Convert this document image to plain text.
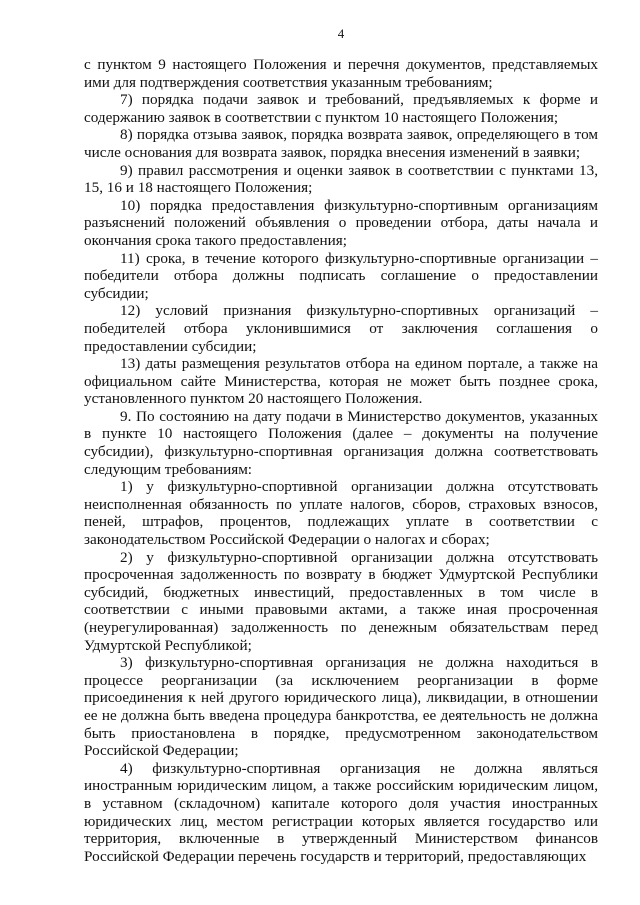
4

с пунктом 9 настоящего Положения и перечня документов, представляемых ими для подтверждения соответствия указанным требованиям;

7) порядка подачи заявок и требований, предъявляемых к форме и содержанию заявок в соответствии с пунктом 10 настоящего Положения;

8) порядка отзыва заявок, порядка возврата заявок, определяющего в том числе основания для возврата заявок, порядка внесения изменений в заявки;

9) правил рассмотрения и оценки заявок в соответствии с пунктами 13, 15, 16 и 18 настоящего Положения;

10) порядка предоставления физкультурно-спортивным организациям разъяснений положений объявления о проведении отбора, даты начала и окончания срока такого предоставления;

11) срока, в течение которого физкультурно-спортивные организации – победители отбора должны подписать соглашение о предоставлении субсидии;

12) условий признания физкультурно-спортивных организаций – победителей отбора уклонившимися от заключения соглашения о предоставлении субсидии;

13) даты размещения результатов отбора на едином портале, а также на официальном сайте Министерства, которая не может быть позднее срока, установленного пунктом 20 настоящего Положения.

9. По состоянию на дату подачи в Министерство документов, указанных в пункте 10 настоящего Положения (далее – документы на получение субсидии), физкультурно-спортивная организация должна соответствовать следующим требованиям:

1) у физкультурно-спортивной организации должна отсутствовать неисполненная обязанность по уплате налогов, сборов, страховых взносов, пеней, штрафов, процентов, подлежащих уплате в соответствии с законодательством Российской Федерации о налогах и сборах;

2) у физкультурно-спортивной организации должна отсутствовать просроченная задолженность по возврату в бюджет Удмуртской Республики субсидий, бюджетных инвестиций, предоставленных в том числе в соответствии с иными правовыми актами, а также иная просроченная (неурегулированная) задолженность по денежным обязательствам перед Удмуртской Республикой;

3) физкультурно-спортивная организация не должна находиться в процессе реорганизации (за исключением реорганизации в форме присоединения к ней другого юридического лица), ликвидации, в отношении ее не должна быть введена процедура банкротства, ее деятельность не должна быть приостановлена в порядке, предусмотренном законодательством Российской Федерации;

4) физкультурно-спортивная организация не должна являться иностранным юридическим лицом, а также российским юридическим лицом, в уставном (складочном) капитале которого доля участия иностранных юридических лиц, местом регистрации которых является государство или территория, включенные в утвержденный Министерством финансов Российской Федерации перечень государств и территорий, предоставляющих
